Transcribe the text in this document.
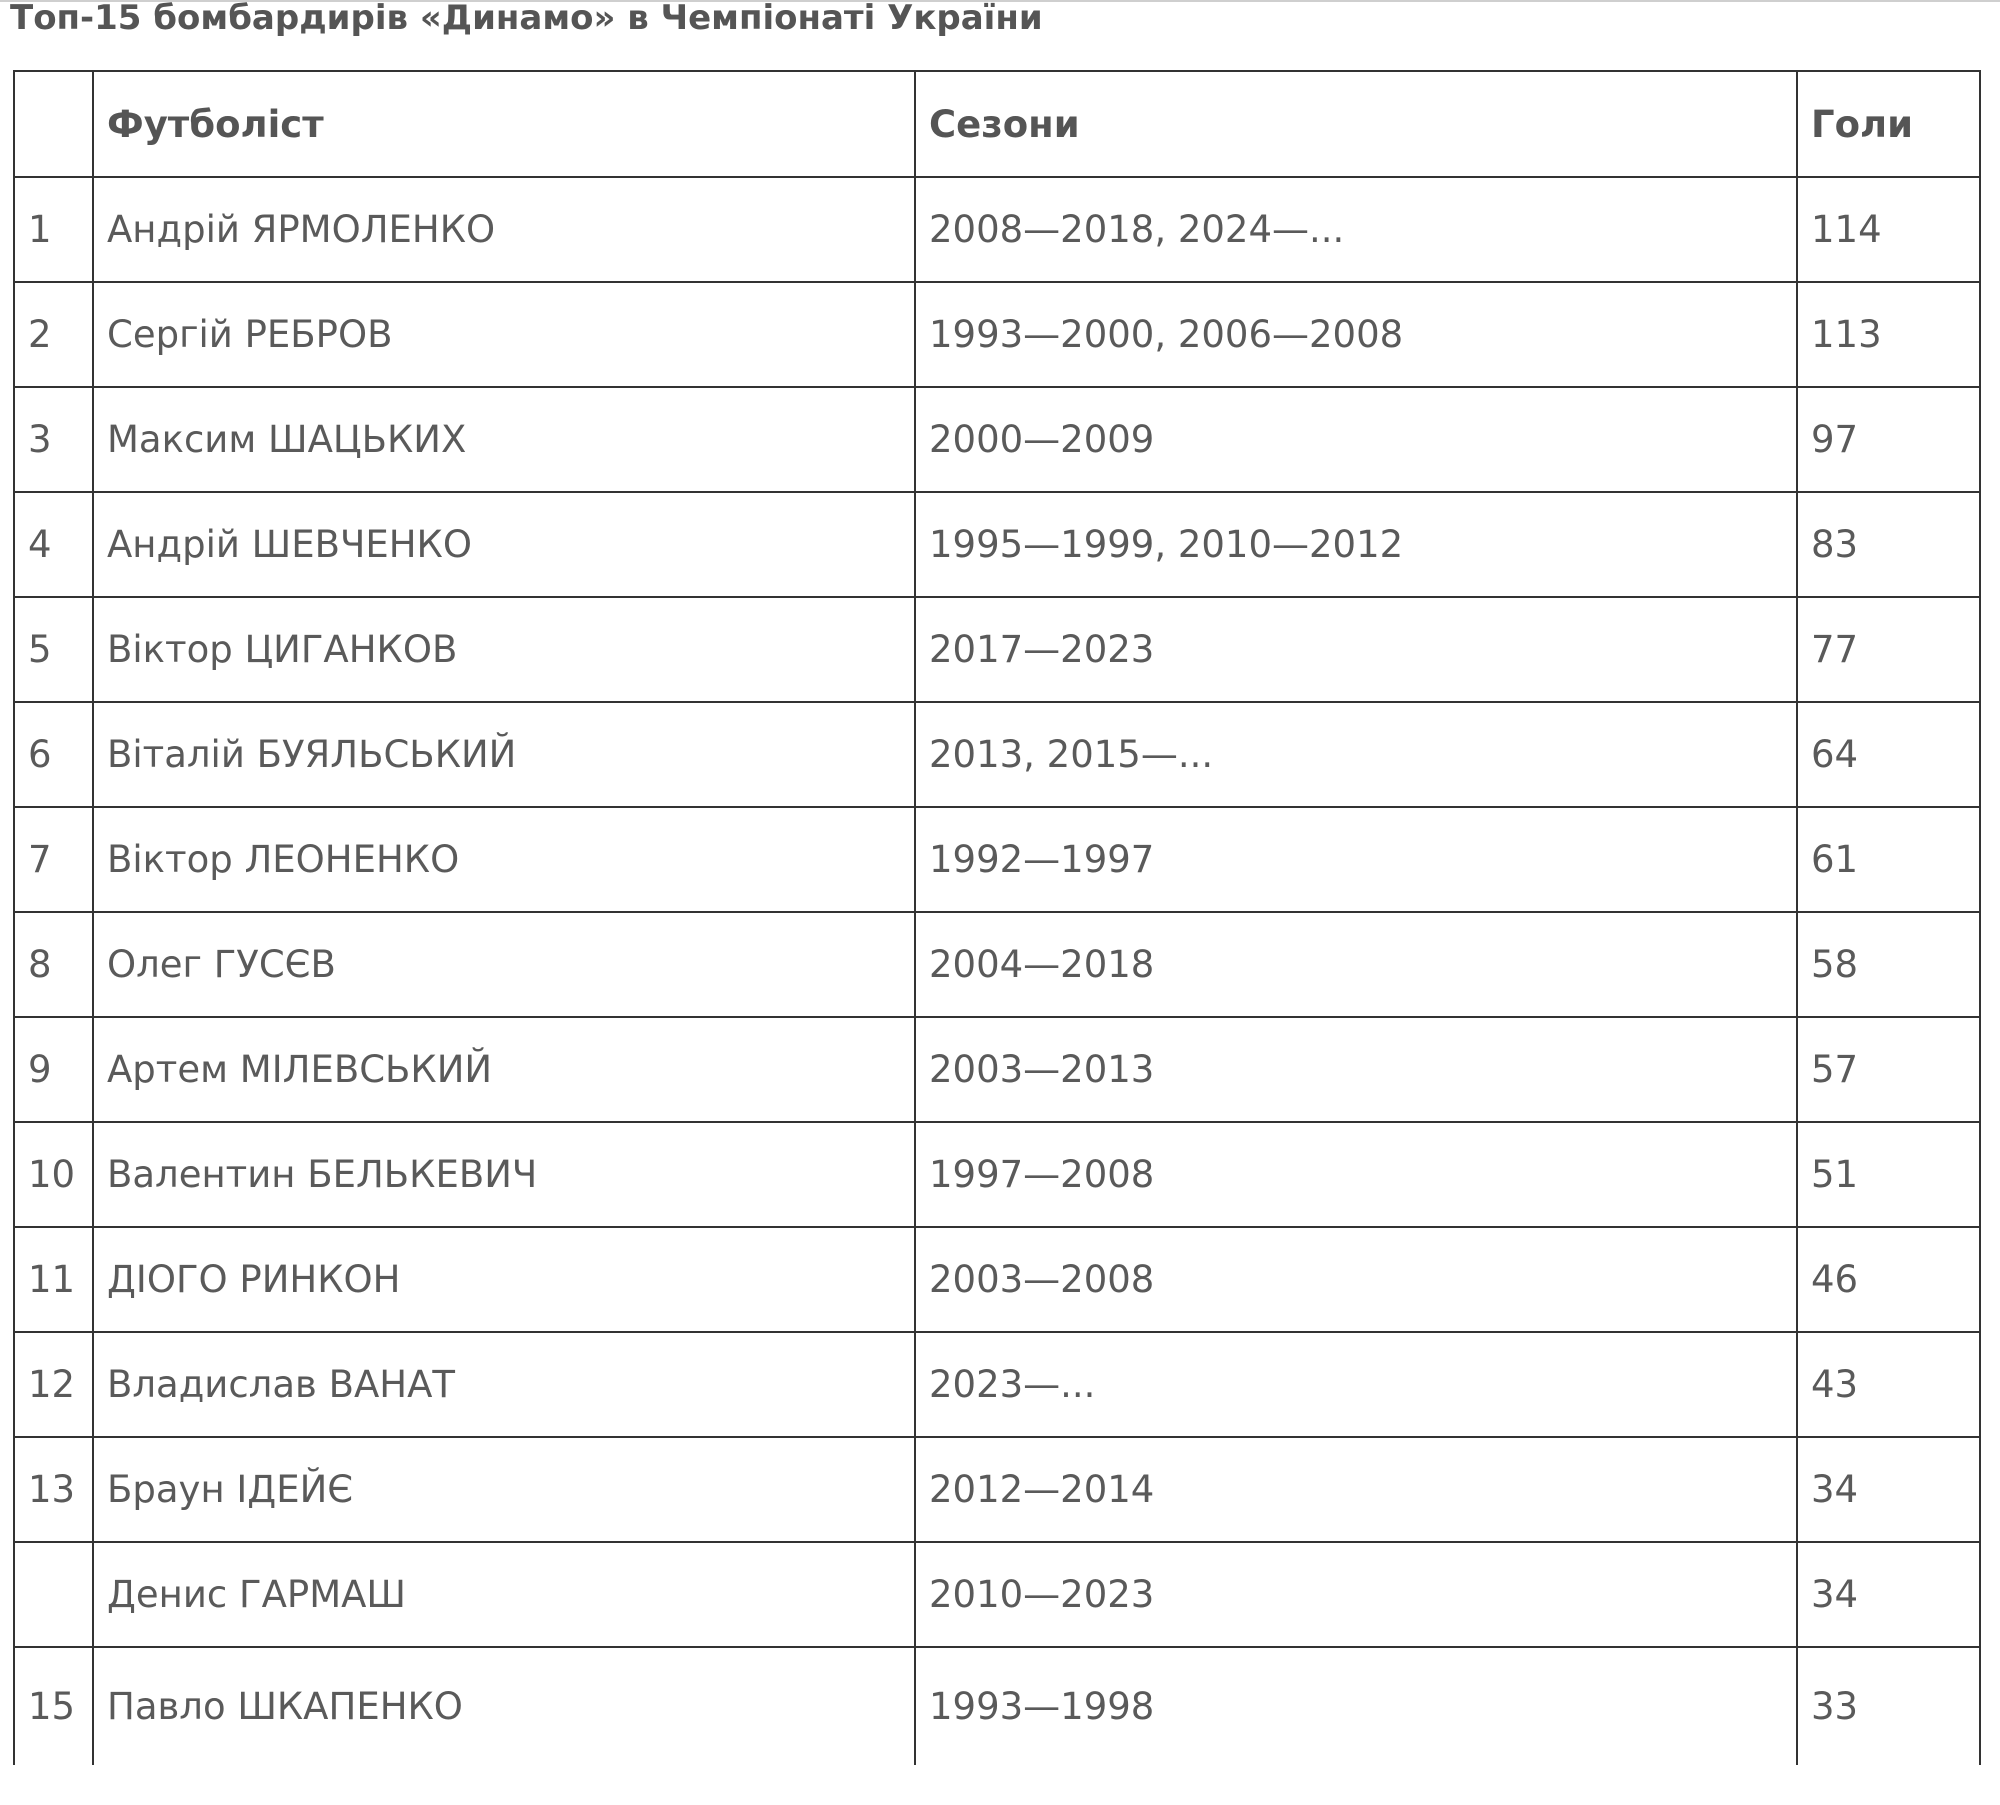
Топ-15 бомбардирів «Динамо» в Чемпіонаті України
	Футболіст	Сезони	Голи
1	Андрій ЯРМОЛЕНКО	2008—2018, 2024—...	114
2	Сергій РЕБРОВ	1993—2000, 2006—2008	113
3	Максим ШАЦЬКИХ	2000—2009	97
4	Андрій ШЕВЧЕНКО	1995—1999, 2010—2012	83
5	Віктор ЦИГАНКОВ	2017—2023	77
6	Віталій БУЯЛЬСЬКИЙ	2013, 2015—...	64
7	Віктор ЛЕОНЕНКО	1992—1997	61
8	Олег ГУСЄВ	2004—2018	58
9	Артем МІЛЕВСЬКИЙ	2003—2013	57
10	Валентин БЕЛЬКЕВИЧ	1997—2008	51
11	ДІОГО РИНКОН	2003—2008	46
12	Владислав ВАНАТ	2023—...	43
13	Браун ІДЕЙЄ	2012—2014	34
	Денис ГАРМАШ	2010—2023	34
15	Павло ШКАПЕНКО	1993—1998	33
